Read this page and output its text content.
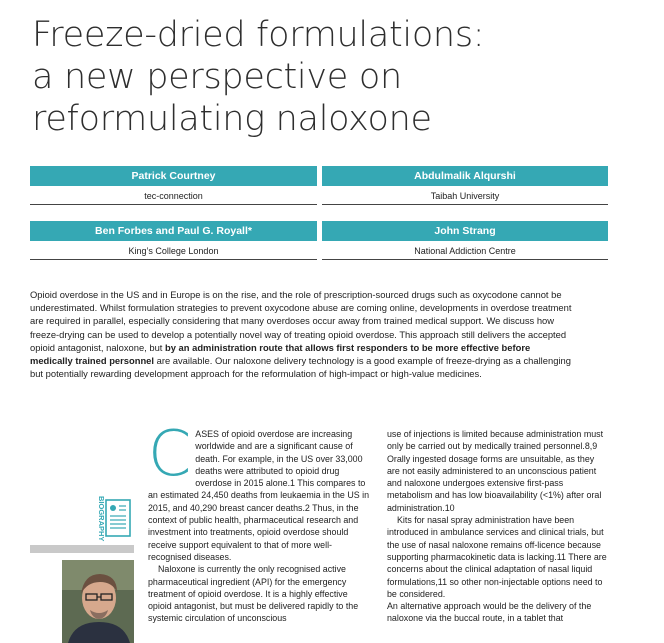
Freeze-dried formulations:
a new perspective on
reformulating naloxone
Patrick Courtney
tec-connection
Abdulmalik Alqurshi
Taibah University
Ben Forbes and Paul G. Royall*
King’s College London
John Strang
National Addiction Centre

Opioid overdose in the US and in Europe is on the rise, and the role of prescription-sourced drugs such as oxycodone cannot be underestimated. Whilst formulation strategies to prevent oxycodone abuse are coming online, developments in overdose treatment are required in parallel, especially considering that many overdoses occur away from trained medical support. We discuss how freeze-drying can be used to develop a potentially novel way of treating opioid overdose. This approach still delivers the accepted opioid antagonist, naloxone, but by an administration route that allows first responders to be more effective before medically trained personnel are available. Our naloxone delivery technology is a good example of freeze-drying as a challenging but potentially rewarding development approach for the reformulation of high-impact or high-value medicines.

BIOGRAPHY

CASES of opioid overdose are increasing worldwide and are a significant cause of death. For example, in the US over 33,000 deaths were attributed to opioid drug overdose in 2015 alone.1 This compares to an estimated 24,450 deaths from leukaemia in the US in 2015, and 40,290 breast cancer deaths.2 Thus, in the context of public health, pharmaceutical research and investment into treatments, opioid overdose should receive support equivalent to that of more well-recognised diseases.

Naloxone is currently the only recognised active pharmaceutical ingredient (API) for the emergency treatment of opioid overdose. It is a highly effective opioid antagonist, but must be delivered rapidly to the systemic circulation of unconscious

use of injections is limited because administration must only be carried out by medically trained personnel.8,9 Orally ingested dosage forms are unsuitable, as they are not easily administered to an unconscious patient and naloxone undergoes extensive first-pass metabolism and has low bioavailability (<1%) after oral administration.10

Kits for nasal spray administration have been introduced in ambulance services and clinical trials, but the use of nasal naloxone remains off-licence because supporting pharmacokinetic data is lacking.11 There are concerns about the clinical adaptation of nasal liquid formulations,11 so other non-injectable options need to be considered.

An alternative approach would be the delivery of the naloxone via the buccal route, in a tablet that
